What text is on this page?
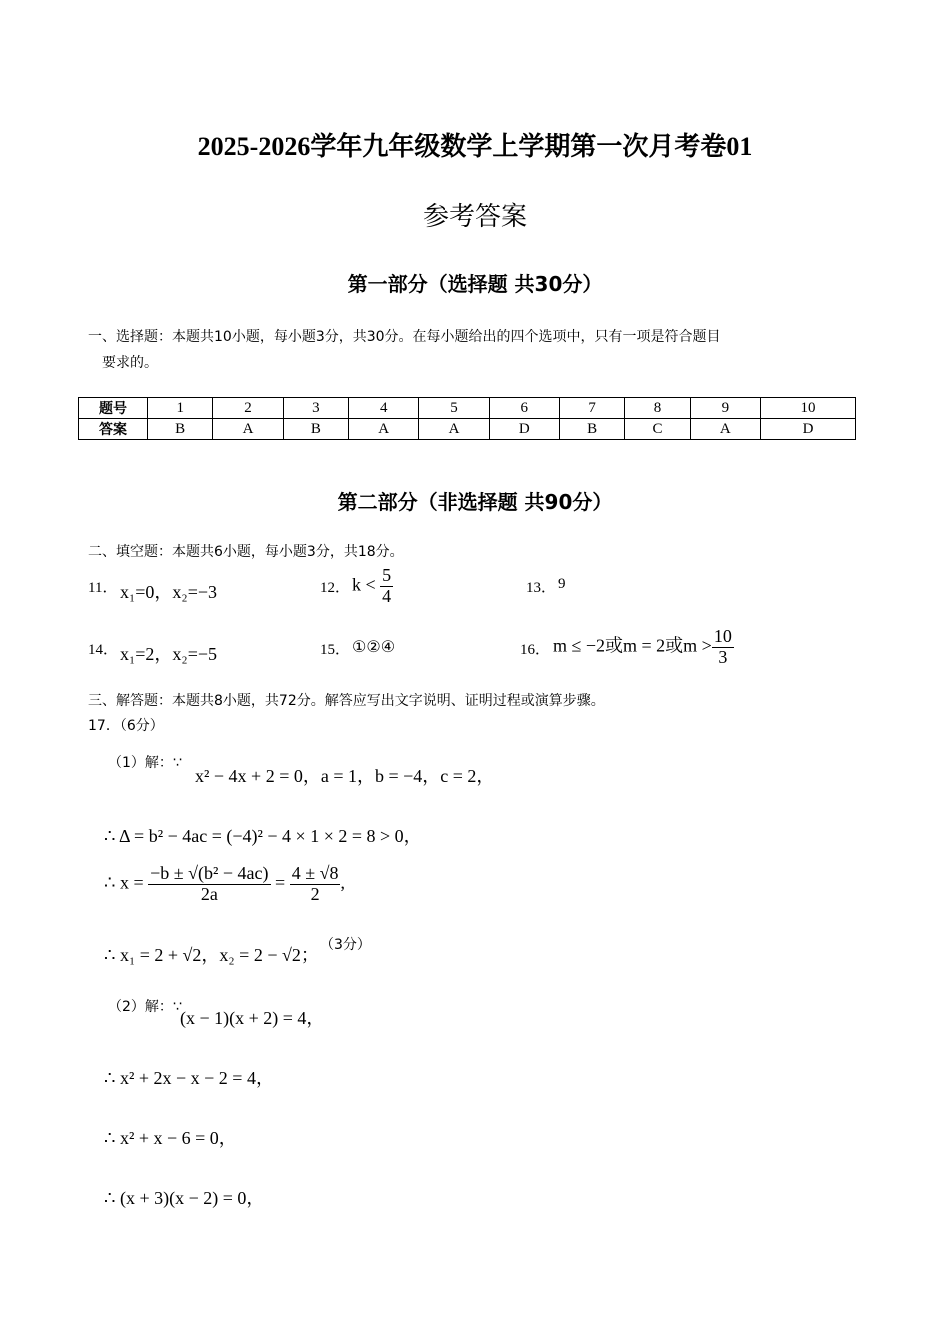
2025-2026学年九年级数学上学期第一次月考卷01
参考答案
第一部分（选择题 共30分）
一、选择题：本题共10小题，每小题3分，共30分。在每小题给出的四个选项中，只有一项是符合题目
要求的。
题号	1	2	3	4	5	6	7	8	9	10
答案	B	A	B	A	A	D	B	C	A	D
第二部分（非选择题 共90分）
二、填空题：本题共6小题，每小题3分，共18分。
11． x₁=0，x₂=−3	12． $k < \frac{5}{4}$	13． 9
14． x₁=2，x₂=−5	15． ①②④	16． m ≤ −2或m = 2或$m > \frac{10}{3}$
三、解答题：本题共8小题，共72分。解答应写出文字说明、证明过程或演算步骤。
17．（6分）
（1）解：∵
x² − 4x + 2 = 0，a = 1，b = −4，c = 2，
∴ Δ = b² − 4ac = (−4)² − 4 × 1 × 2 = 8 > 0，
∴ $x = \frac{\text{−b ± √(b² − 4ac)}}{2a} = \frac{4 \pm √8}{2}$ ,
∴ x₁ = 2 + √2，x₂ = 2 − √2； （3分）
（2）解：∵
(x − 1)(x + 2) = 4，
∴ x² + 2x − x − 2 = 4，
∴ x² + x − 6 = 0，
∴ (x + 3)(x − 2) = 0，
